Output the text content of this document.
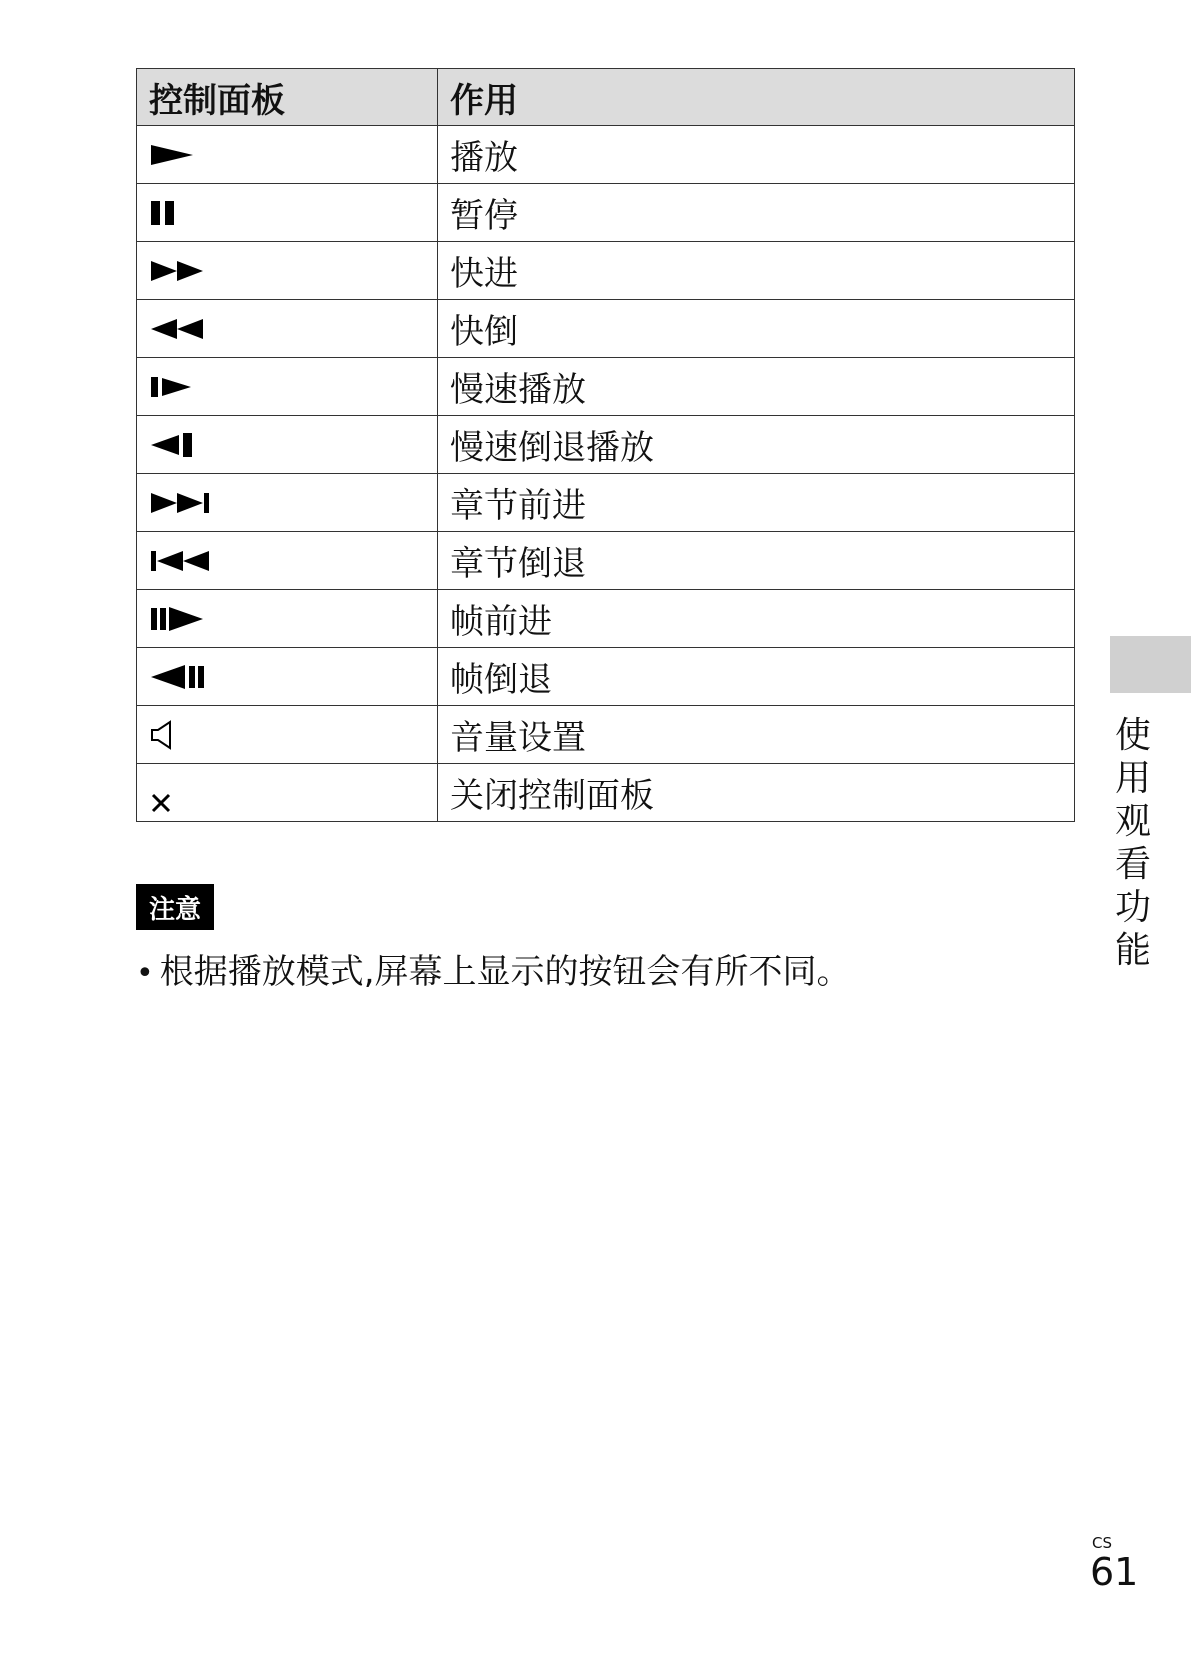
控制面板	作用

	播放

	暂停

	快进

	快倒

	慢速播放

	慢速倒退播放

	章节前进

	章节倒退

	帧前进

	帧倒退

	音量设置

	关闭控制面板
注意
• 根据播放模式,屏幕上显示的按钮会有所不同。
使用观看功能
CS
61
